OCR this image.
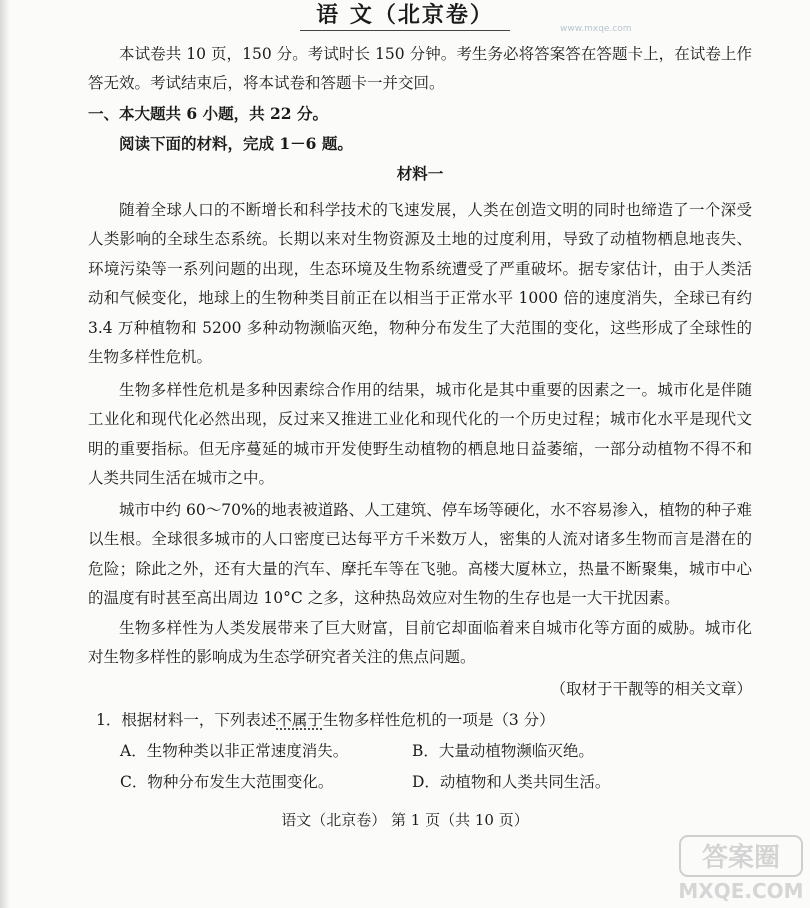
语 文（北京卷）
www.mxqe.com

本试卷共 10 页，150 分。考试时长 150 分钟。考生务必将答案答在答题卡上，在试卷上作答无效。考试结束后，将本试卷和答题卡一并交回。

一、本大题共 6 小题，共 22 分。

阅读下面的材料，完成 1－6 题。

材料一

随着全球人口的不断增长和科学技术的飞速发展，人类在创造文明的同时也缔造了一个深受人类影响的全球生态系统。长期以来对生物资源及土地的过度利用，导致了动植物栖息地丧失、环境污染等一系列问题的出现，生态环境及生物系统遭受了严重破坏。据专家估计，由于人类活动和气候变化，地球上的生物种类目前正在以相当于正常水平 1000 倍的速度消失，全球已有约 3.4 万种植物和 5200 多种动物濒临灭绝，物种分布发生了大范围的变化，这些形成了全球性的生物多样性危机。

生物多样性危机是多种因素综合作用的结果，城市化是其中重要的因素之一。城市化是伴随工业化和现代化必然出现，反过来又推进工业化和现代化的一个历史过程；城市化水平是现代文明的重要指标。但无序蔓延的城市开发使野生动植物的栖息地日益萎缩，一部分动植物不得不和人类共同生活在城市之中。

城市中约 60～70%的地表被道路、人工建筑、停车场等硬化，水不容易渗入，植物的种子难以生根。全球很多城市的人口密度已达每平方千米数万人，密集的人流对诸多生物而言是潜在的危险；除此之外，还有大量的汽车、摩托车等在飞驰。高楼大厦林立，热量不断聚集，城市中心的温度有时甚至高出周边 10°C 之多，这种热岛效应对生物的生存也是一大干扰因素。

生物多样性为人类发展带来了巨大财富，目前它却面临着来自城市化等方面的威胁。城市化对生物多样性的影响成为生态学研究者关注的焦点问题。

（取材于干靓等的相关文章）

1．根据材料一，下列表述不属于生物多样性危机的一项是（3 分）

A．生物种类以非正常速度消失。	B．大量动植物濒临灭绝。
C．物种分布发生大范围变化。	D．动植物和人类共同生活。
语文（北京卷） 第 1 页（共 10 页）
答案圈
MXQE.COM
